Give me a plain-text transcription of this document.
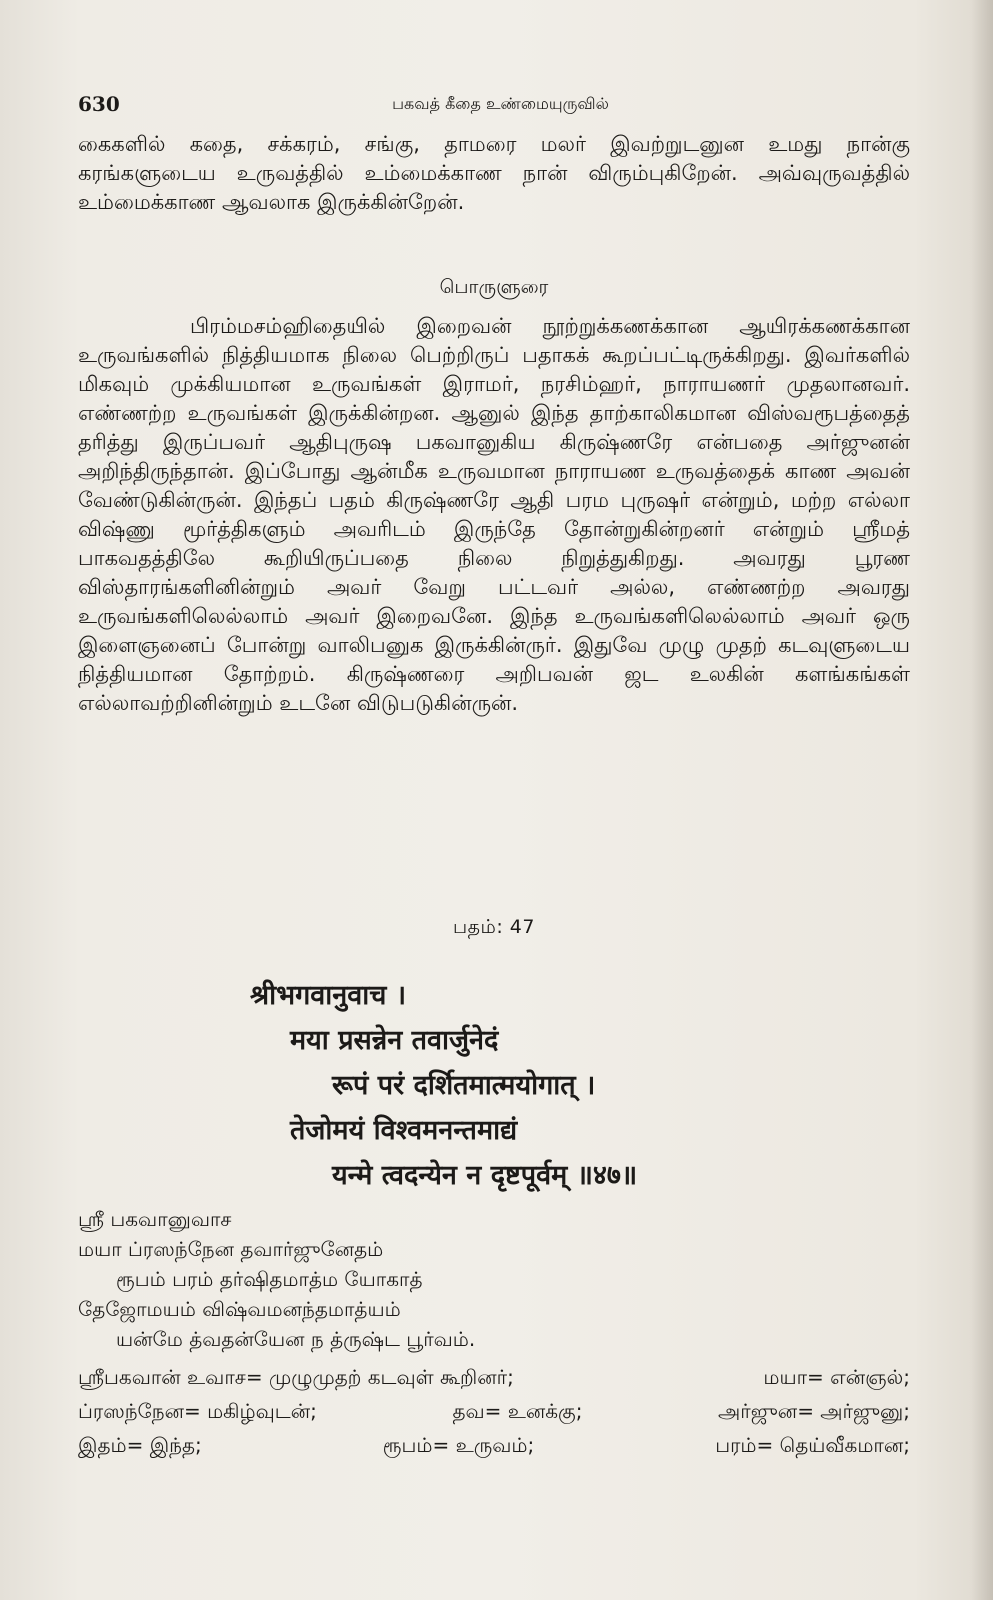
630	பகவத் கீதை உண்மையுருவில்

கைகளில் கதை, சக்கரம், சங்கு, தாமரை மலர் இவற்றுடனுன உமது நான்கு கரங்களுடைய உருவத்தில் உம்மைக்காண நான் விரும்புகிறேன். அவ்வுருவத்தில் உம்மைக்காண ஆவலாக இருக்கின்றேன்.

பொருளுரை

பிரம்மசம்ஹிதையில் இறைவன் நூற்றுக்கணக்கான ஆயிரக்கணக்கான உருவங்களில் நித்தியமாக நிலை பெற்றிருப் பதாகக் கூறப்பட்டிருக்கிறது. இவர்களில் மிகவும் முக்கியமான உருவங்கள் இராமர், நரசிம்ஹர், நாராயணர் முதலானவர். எண்ணற்ற உருவங்கள் இருக்கின்றன. ஆனுல் இந்த தாற்காலிகமான விஸ்வரூபத்தைத் தரித்து இருப்பவர் ஆதிபுருஷ பகவானுகிய கிருஷ்ணரே என்பதை அர்ஜுனன் அறிந்திருந்தான். இப்போது ஆன்மீக உருவமான நாராயண உருவத்தைக் காண அவன் வேண்டுகின்ருன். இந்தப் பதம் கிருஷ்ணரே ஆதி பரம புருஷர் என்றும், மற்ற எல்லா விஷ்ணு மூர்த்திகளும் அவரிடம் இருந்தே தோன்றுகின்றனர் என்றும் ஸ்ரீமத் பாகவதத்திலே கூறியிருப்பதை நிலை நிறுத்துகிறது. அவரது பூரண விஸ்தாரங்களினின்றும் அவர் வேறு பட்டவர் அல்ல, எண்ணற்ற அவரது உருவங்களிலெல்லாம் அவர் இறைவனே. இந்த உருவங்களிலெல்லாம் அவர் ஒரு இளைஞனைப் போன்று வாலிபனுக இருக்கின்ருர். இதுவே முழு முதற் கடவுளுடைய நித்தியமான தோற்றம். கிருஷ்ணரை அறிபவன் ஜட உலகின் களங்கங்கள் எல்லாவற்றினின்றும் உடனே விடுபடுகின்ருன்.

பதம்: 47
श्रीभगवानुवाच ।
मया प्रसन्नेन तवार्जुनेदं
रूपं परं दर्शितमात्मयोगात् ।
तेजोमयं विश्वमनन्तमाद्यं
यन्मे त्वदन्येन न दृष्टपूर्वम् ॥४७॥
ஸ்ரீ பகவானுவாச
மயா ப்ரஸந்நேன தவார்ஜுனேதம்
ரூபம் பரம் தர்ஷிதமாத்ம யோகாத்
தேஜோமயம் விஷ்வமனந்தமாத்யம்
யன்மே த்வதன்யேன ந த்ருஷ்ட பூர்வம்.
ஸ்ரீபகவான் உவாச= முழுமுதற் கடவுள் கூறினர்;	மயா= என்ஞல்;
ப்ரஸந்நேன= மகிழ்வுடன்;	தவ= உனக்கு;	அர்ஜுன= அர்ஜுனு;
இதம்= இந்த;	ரூபம்= உருவம்;	பரம்= தெய்வீகமான;
